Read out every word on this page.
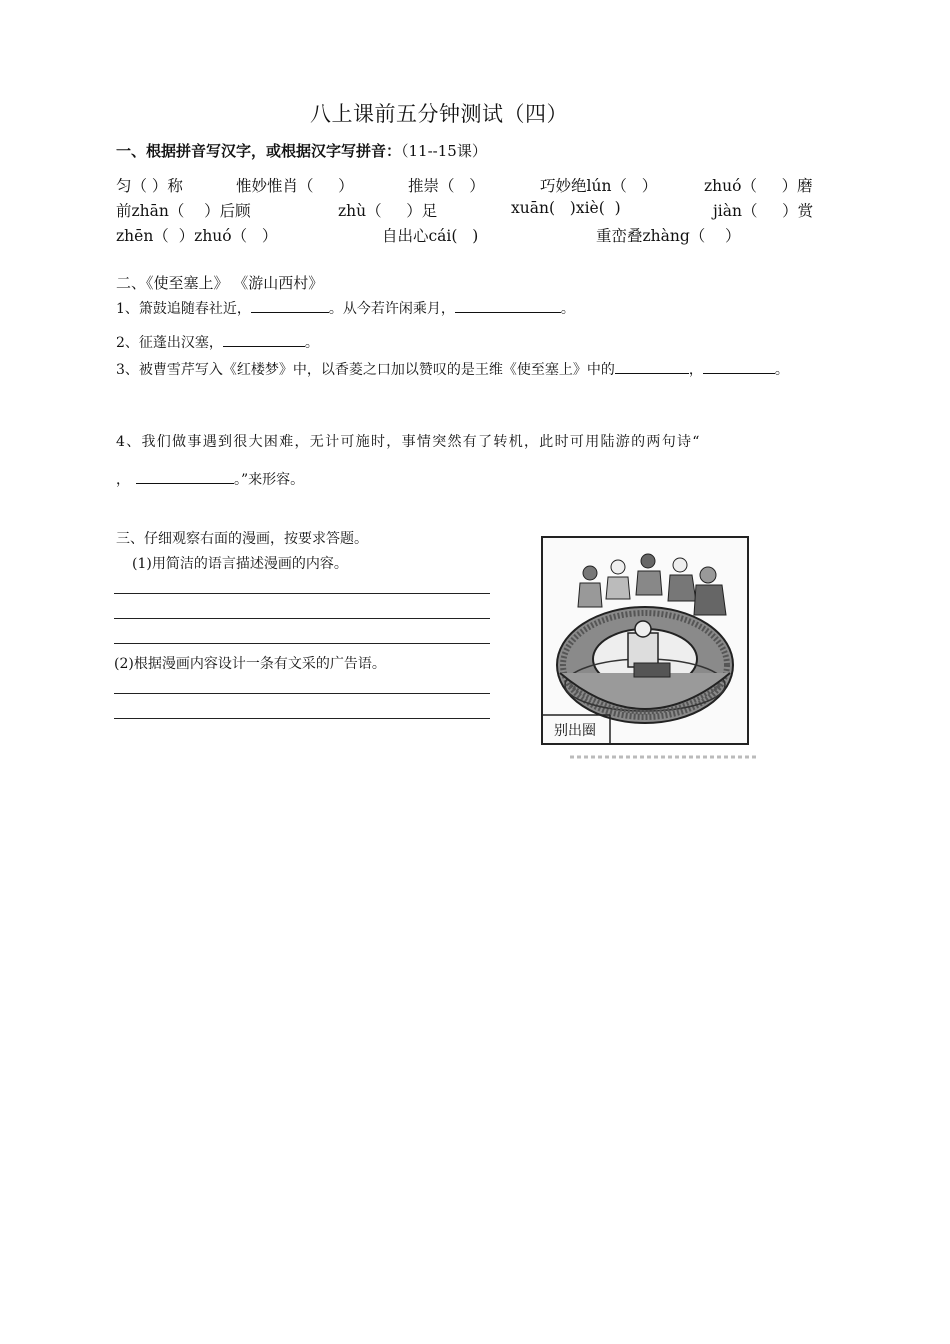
八上课前五分钟测试（四）
一、根据拼音写汉字，或根据汉字写拼音：（11--15课）
匀（ ）称	惟妙惟肖（     ）	推崇（   ）	巧妙绝lún（   ）	zhuó（     ）磨
前zhān（    ）后顾	zhù（     ）足	xuān(   )xiè(  )	jiàn（     ）赏
zhēn（  ）zhuó（   ）	自出心cái(   )	重峦叠zhàng（    ）
二、《使至塞上》 《游山西村》
1、箫鼓追随春社近，	。从今若许闲乘月，	。
2、征蓬出汉塞，	。
3、被曹雪芹写入《红楼梦》中，以香菱之口加以赞叹的是王维《使至塞上》中的	，	。
4、我们做事遇到很大困难，无计可施时，事情突然有了转机，此时可用陆游的两句诗“
，	。”来形容。
三、仔细观察右面的漫画，按要求答题。
(1)用简洁的语言描述漫画的内容。
(2)根据漫画内容设计一条有文采的广告语。
别出圈
